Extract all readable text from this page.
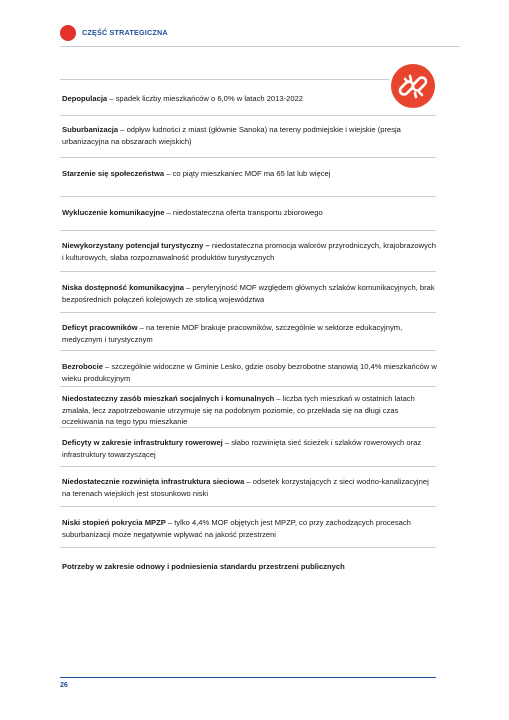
CZĘŚĆ STRATEGICZNA
Depopulacja – spadek liczby mieszkańców o 6,0% w latach 2013-2022
Suburbanizacja – odpływ ludności z miast (głównie Sanoka) na tereny podmiejskie i wiejskie (presja urbanizacyjna na obszarach wiejskich)
Starzenie się społeczeństwa – co piąty mieszkaniec MOF ma 65 lat lub więcej
Wykluczenie komunikacyjne – niedostateczna oferta transportu zbiorowego
Niewykorzystany potencjał turystyczny – niedostateczna promocja walorów przyrodniczych, krajobrazowych i kulturowych, słaba rozpoznawalność produktów turystycznych
Niska dostępność komunikacyjna – peryferyjność MOF względem głównych szlaków komunikacyjnych, brak bezpośrednich połączeń kolejowych ze stolicą województwa
Deficyt pracowników – na terenie MOF brakuje pracowników, szczególnie w sektorze edukacyjnym, medycznym i turystycznym
Bezrobocie – szczególnie widoczne w Gminie Lesko, gdzie osoby bezrobotne stanowią 10,4% mieszkańców w wieku produkcyjnym
Niedostateczny zasób mieszkań socjalnych i komunalnych – liczba tych mieszkań w ostatnich latach zmalała, lecz zapotrzebowanie utrzymuje się na podobnym poziomie, co przekłada się na długi czas oczekiwania na tego typu mieszkanie
Deficyty w zakresie infrastruktury rowerowej – słabo rozwinięta sieć ścieżek i szlaków rowerowych oraz infrastruktury towarzyszącej
Niedostatecznie rozwinięta infrastruktura sieciowa – odsetek korzystających z sieci wodno-kanalizacyjnej na terenach wiejskich jest stosunkowo niski
Niski stopień pokrycia MPZP – tylko 4,4% MOF objętych jest MPZP, co przy zachodzących procesach suburbanizacji może negatywnie wpływać na jakość przestrzeni
Potrzeby w zakresie odnowy i podniesienia standardu przestrzeni publicznych
26
